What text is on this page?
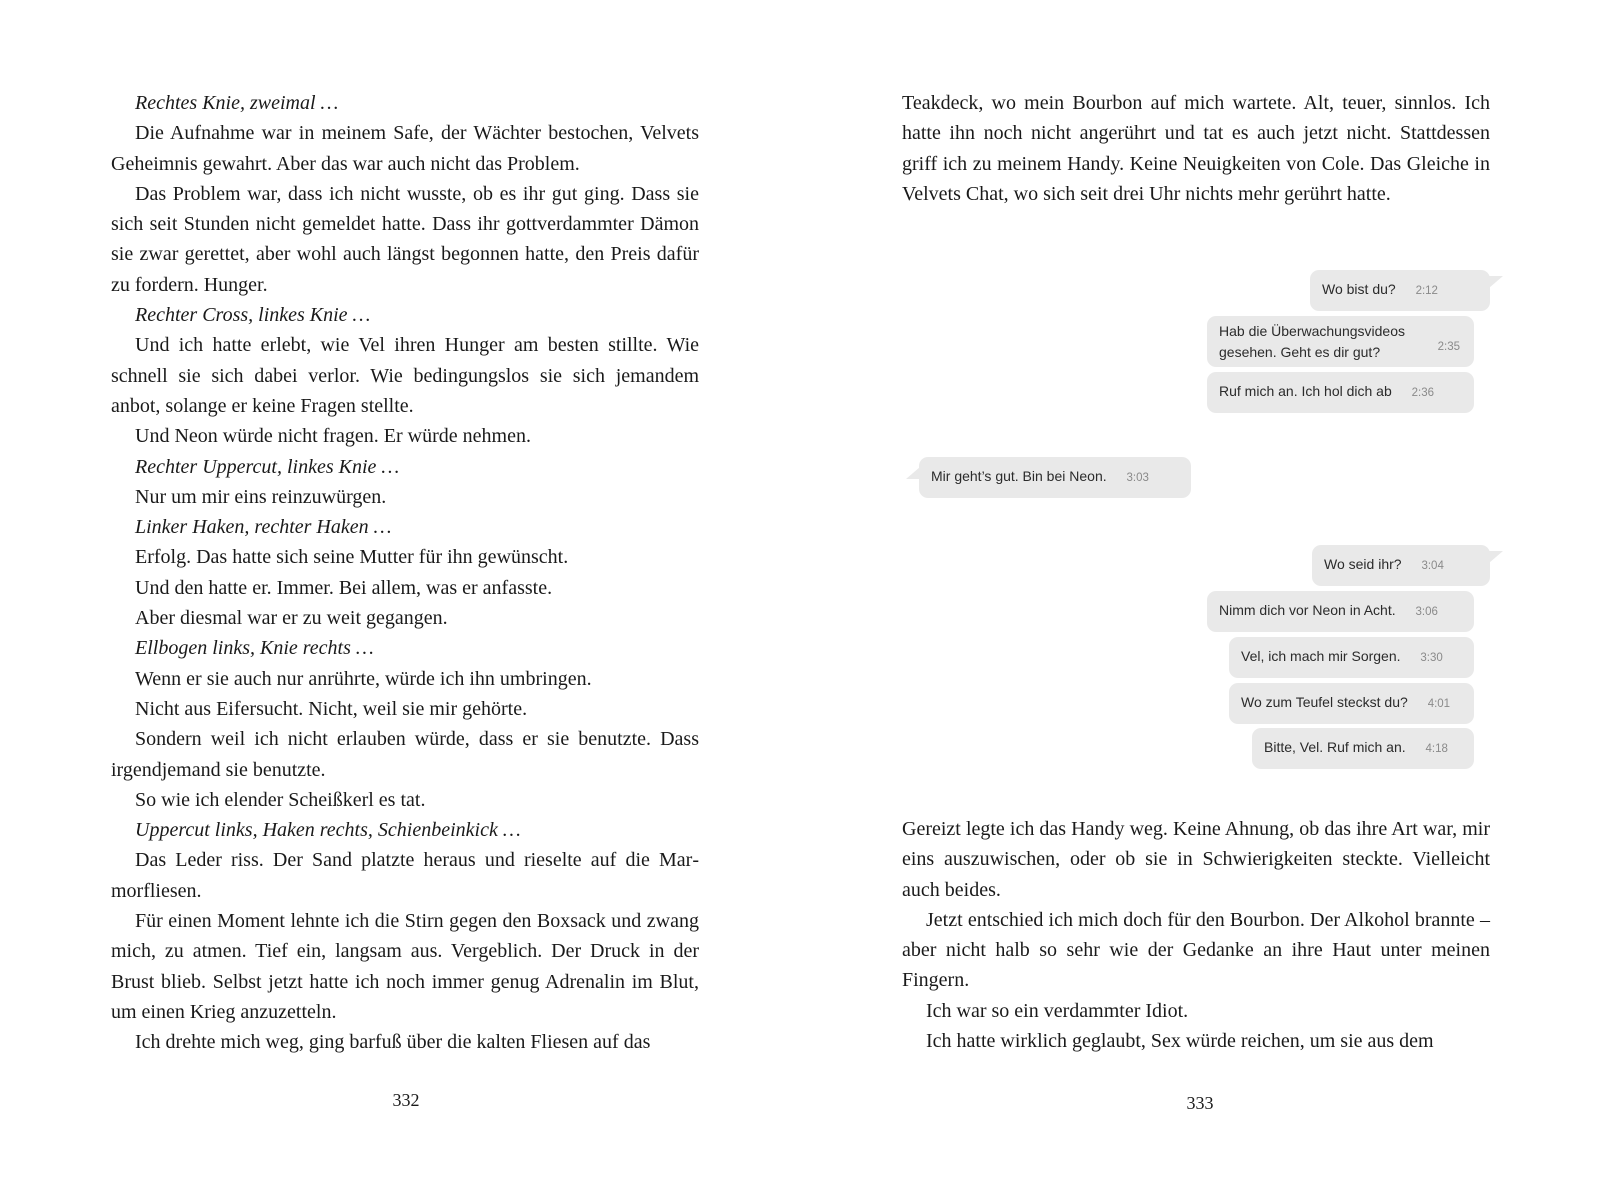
Rechtes Knie, zweimal …

Die Aufnahme war in meinem Safe, der Wächter bestochen, Velvets Geheimnis gewahrt. Aber das war auch nicht das Problem.

Das Problem war, dass ich nicht wusste, ob es ihr gut ging. Dass sie sich seit Stunden nicht gemeldet hatte. Dass ihr gottverdammter Dämon sie zwar gerettet, aber wohl auch längst begonnen hatte, den Preis dafür zu fordern. Hunger.

Rechter Cross, linkes Knie …

Und ich hatte erlebt, wie Vel ihren Hunger am besten stillte. Wie schnell sie sich dabei verlor. Wie bedingungslos sie sich jemandem anbot, solange er keine Fragen stellte.

Und Neon würde nicht fragen. Er würde nehmen.

Rechter Uppercut, linkes Knie …

Nur um mir eins reinzuwürgen.

Linker Haken, rechter Haken …

Erfolg. Das hatte sich seine Mutter für ihn gewünscht.

Und den hatte er. Immer. Bei allem, was er anfasste.

Aber diesmal war er zu weit gegangen.

Ellbogen links, Knie rechts …

Wenn er sie auch nur anrührte, würde ich ihn umbringen.

Nicht aus Eifersucht. Nicht, weil sie mir gehörte.

Sondern weil ich nicht erlauben würde, dass er sie benutzte. Dass irgendjemand sie benutzte.

So wie ich elender Scheißkerl es tat.

Uppercut links, Haken rechts, Schienbeinkick …

Das Leder riss. Der Sand platzte heraus und rieselte auf die Marmorfliesen.

Für einen Moment lehnte ich die Stirn gegen den Boxsack und zwang mich, zu atmen. Tief ein, langsam aus. Vergeblich. Der Druck in der Brust blieb. Selbst jetzt hatte ich noch immer genug Adrenalin im Blut, um einen Krieg anzuzetteln.

Ich drehte mich weg, ging barfuß über die kalten Fliesen auf das

332

Teakdeck, wo mein Bourbon auf mich wartete. Alt, teuer, sinnlos. Ich hatte ihn noch nicht angerührt und tat es auch jetzt nicht. Stattdessen griff ich zu meinem Handy. Keine Neuigkeiten von Cole. Das Gleiche in Velvets Chat, wo sich seit drei Uhr nichts mehr gerührt hatte.

Wo bist du? 2:12
Hab die Überwachungsvideos gesehen. Geht es dir gut?	2:35
Ruf mich an. Ich hol dich ab 2:36
Mir geht’s gut. Bin bei Neon. 3:03
Wo seid ihr? 3:04
Nimm dich vor Neon in Acht. 3:06
Vel, ich mach mir Sorgen. 3:30
Wo zum Teufel steckst du? 4:01
Bitte, Vel. Ruf mich an. 4:18

Gereizt legte ich das Handy weg. Keine Ahnung, ob das ihre Art war, mir eins auszuwischen, oder ob sie in Schwierigkeiten steckte. Vielleicht auch beides.

Jetzt entschied ich mich doch für den Bourbon. Der Alkohol brannte – aber nicht halb so sehr wie der Gedanke an ihre Haut unter meinen Fingern.

Ich war so ein verdammter Idiot.

Ich hatte wirklich geglaubt, Sex würde reichen, um sie aus dem

333
